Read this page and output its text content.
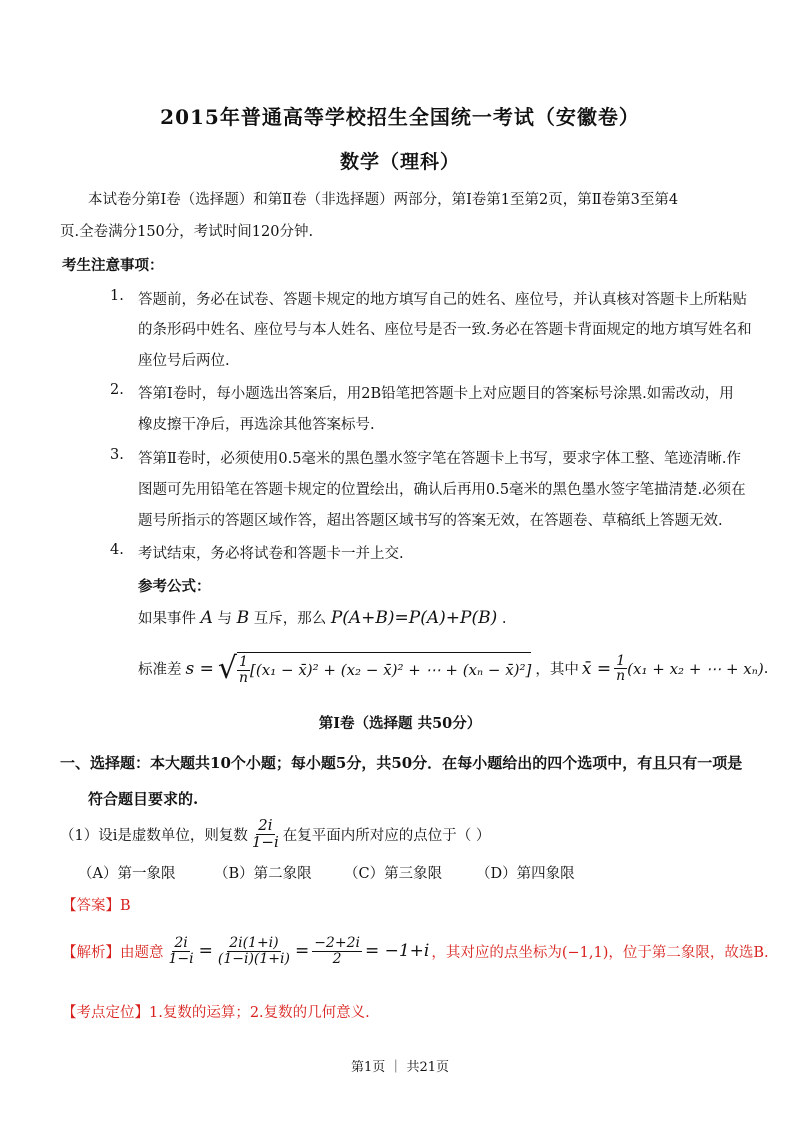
2015年普通高等学校招生全国统一考试（安徽卷）
数学（理科）
本试卷分第Ⅰ卷（选择题）和第Ⅱ卷（非选择题）两部分，第Ⅰ卷第1至第2页，第Ⅱ卷第3至第4
页.全卷满分150分，考试时间120分钟.
考生注意事项：
1. 答题前，务必在试卷、答题卡规定的地方填写自己的姓名、座位号，并认真核对答题卡上所粘贴
的条形码中姓名、座位号与本人姓名、座位号是否一致.务必在答题卡背面规定的地方填写姓名和
座位号后两位.
2. 答第Ⅰ卷时，每小题选出答案后，用2B铅笔把答题卡上对应题目的答案标号涂黑.如需改动，用
橡皮擦干净后，再选涂其他答案标号.
3. 答第Ⅱ卷时，必须使用0.5毫米的黑色墨水签字笔在答题卡上书写，要求字体工整、笔迹清晰.作
图题可先用铅笔在答题卡规定的位置绘出，确认后再用0.5毫米的黑色墨水签字笔描清楚.必须在
题号所指示的答题区域作答，超出答题区域书写的答案无效，在答题卷、草稿纸上答题无效.
4. 考试结束，务必将试卷和答题卡一并上交.
参考公式：
如果事件 A 与 B 互斥，那么 P(A+B)=P(A)+P(B) .
标准差 s = √ $\frac{1}{n} [(x_1$ − x̄)² + (x₂ − x̄)² + ⋯ + (xₙ − x̄)²] ，其中 x̄ = $\frac{1}{n} (x_1 + x_2$ + ⋯ + xₙ) .
第Ⅰ卷（选择题 共50分）
一、选择题：本大题共10个小题；每小题5分，共50分．在每小题给出的四个选项中，有且只有一项是
符合题目要求的.
（1）设i是虚数单位，则复数 $\frac{2i}{1-i}$ 在复平面内所对应的点位于（ ）
（A）第一象限	（B）第二象限 （C）第三象限 （D）第四象限
【答案】B
【解析】 由题意 $\frac{2i}{1-i} = \frac{2i(1+i)}{(1-i)(1+i)} = \frac{-2+2i}{2} = -1+i$ ，其对应的点坐标为(−1,1)，位于第二象限，故选B.
【考点定位】1.复数的运算；2.复数的几何意义.
第1页 ｜ 共21页
